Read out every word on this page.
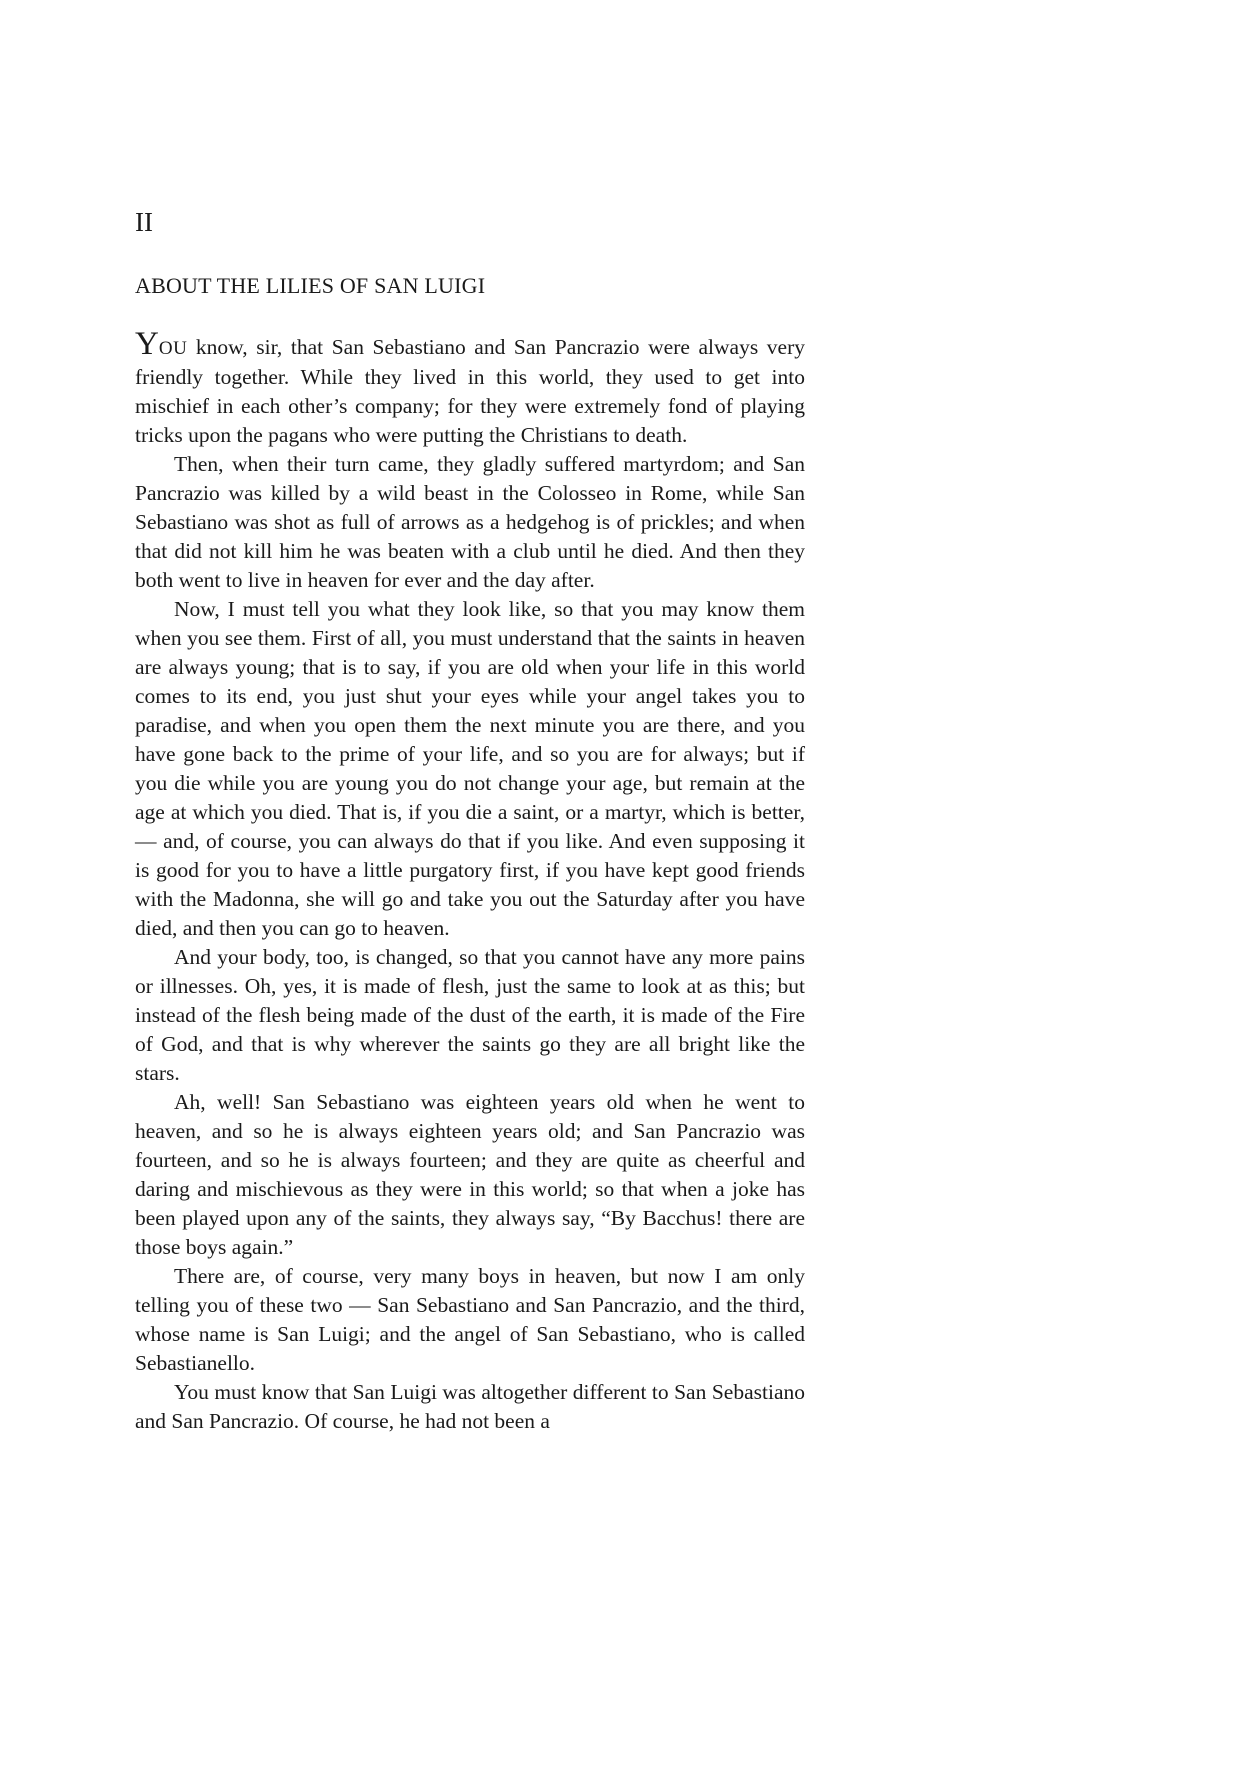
II
ABOUT THE LILIES OF SAN LUIGI

YOU know, sir, that San Sebastiano and San Pancrazio were always very friendly together. While they lived in this world, they used to get into mischief in each other’s company; for they were extremely fond of playing tricks upon the pagans who were putting the Christians to death.

Then, when their turn came, they gladly suffered martyrdom; and San Pancrazio was killed by a wild beast in the Colosseo in Rome, while San Sebastiano was shot as full of arrows as a hedgehog is of prickles; and when that did not kill him he was beaten with a club until he died. And then they both went to live in heaven for ever and the day after.

Now, I must tell you what they look like, so that you may know them when you see them. First of all, you must understand that the saints in heaven are always young; that is to say, if you are old when your life in this world comes to its end, you just shut your eyes while your angel takes you to paradise, and when you open them the next minute you are there, and you have gone back to the prime of your life, and so you are for always; but if you die while you are young you do not change your age, but remain at the age at which you died. That is, if you die a saint, or a martyr, which is better, — and, of course, you can always do that if you like. And even supposing it is good for you to have a little purgatory first, if you have kept good friends with the Madonna, she will go and take you out the Saturday after you have died, and then you can go to heaven.

And your body, too, is changed, so that you cannot have any more pains or illnesses. Oh, yes, it is made of flesh, just the same to look at as this; but instead of the flesh being made of the dust of the earth, it is made of the Fire of God, and that is why wherever the saints go they are all bright like the stars.

Ah, well! San Sebastiano was eighteen years old when he went to heaven, and so he is always eighteen years old; and San Pancrazio was fourteen, and so he is always fourteen; and they are quite as cheerful and daring and mischievous as they were in this world; so that when a joke has been played upon any of the saints, they always say, “By Bacchus! there are those boys again.”

There are, of course, very many boys in heaven, but now I am only telling you of these two — San Sebastiano and San Pancrazio, and the third, whose name is San Luigi; and the angel of San Sebastiano, who is called Sebastianello.

You must know that San Luigi was altogether different to San Sebastiano and San Pancrazio. Of course, he had not been a
